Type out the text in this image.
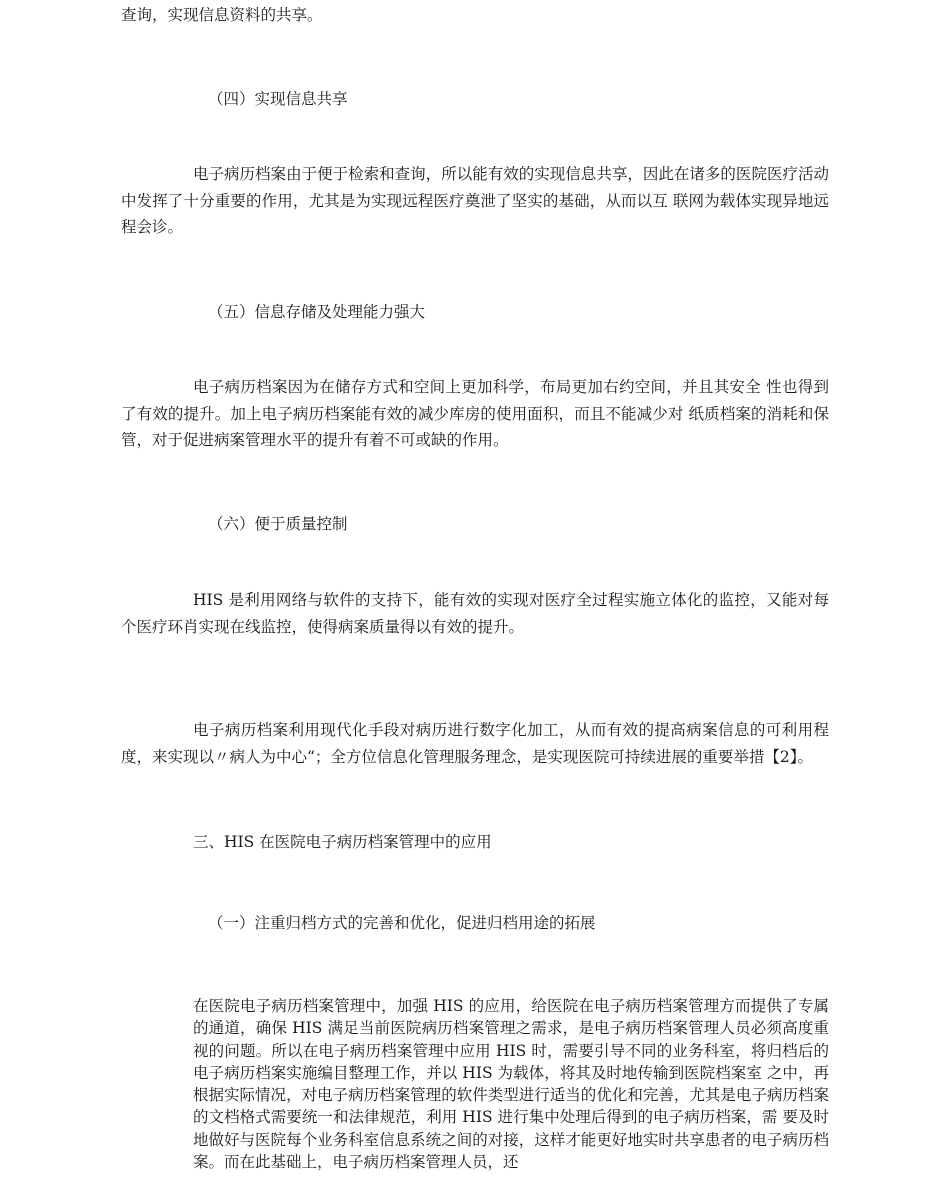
查询，实现信息资料的共享。

（四）实现信息共享

电子病历档案由于便于检索和查询，所以能有效的实现信息共享，因此在诸多的医院医疗活动中发挥了十分重要的作用，尤其是为实现远程医疗奠泄了坚实的基础，从而以互 联网为载体实现异地远程会诊。

（五）信息存储及处理能力强大

电子病历档案因为在储存方式和空间上更加科学，布局更加右约空间，并且其安全 性也得到了有效的提升。加上电子病历档案能有效的减少库房的使用面积，而且不能减少对 纸质档案的消耗和保管，对于促进病案管理水平的提升有着不可或缺的作用。

（六）便于质量控制

HIS 是利用网络与软件的支持下，能有效的实现对医疗全过程实施立体化的监控，又能对每个医疗环肖实现在线监控，使得病案质量得以有效的提升。

电子病历档案利用现代化手段对病历进行数字化加工，从而有效的提高病案信息的可利用程度，来实现以〃病人为中心“；全方位信息化管理服务理念，是实现医院可持续进展的重要举措【2】。

三、HIS 在医院电子病历档案管理中的应用

（一）注重归档方式的完善和优化，促进归档用途的拓展

在医院电子病历档案管理中，加强 HIS 的应用，给医院在电子病历档案管理方而提供了专属的通道，确保 HIS 满足当前医院病历档案管理之需求，是电子病历档案管理人员必须高度重视的问题。所以在电子病历档案管理中应用 HIS 时，需要引导不同的业务科室，将归档后的电子病历档案实施编目整理工作，并以 HIS 为载体，将其及时地传输到医院档案室 之中，再根据实际情况，对电子病历档案管理的软件类型进行适当的优化和完善，尤其是电子病历档案的文档格式需要统一和法律规范，利用 HIS 进行集中处理后得到的电子病历档案，需 要及时地做好与医院每个业务科室信息系统之间的对接，这样才能更好地实时共享患者的电子病历档案。而在此基础上，电子病历档案管理人员，还
